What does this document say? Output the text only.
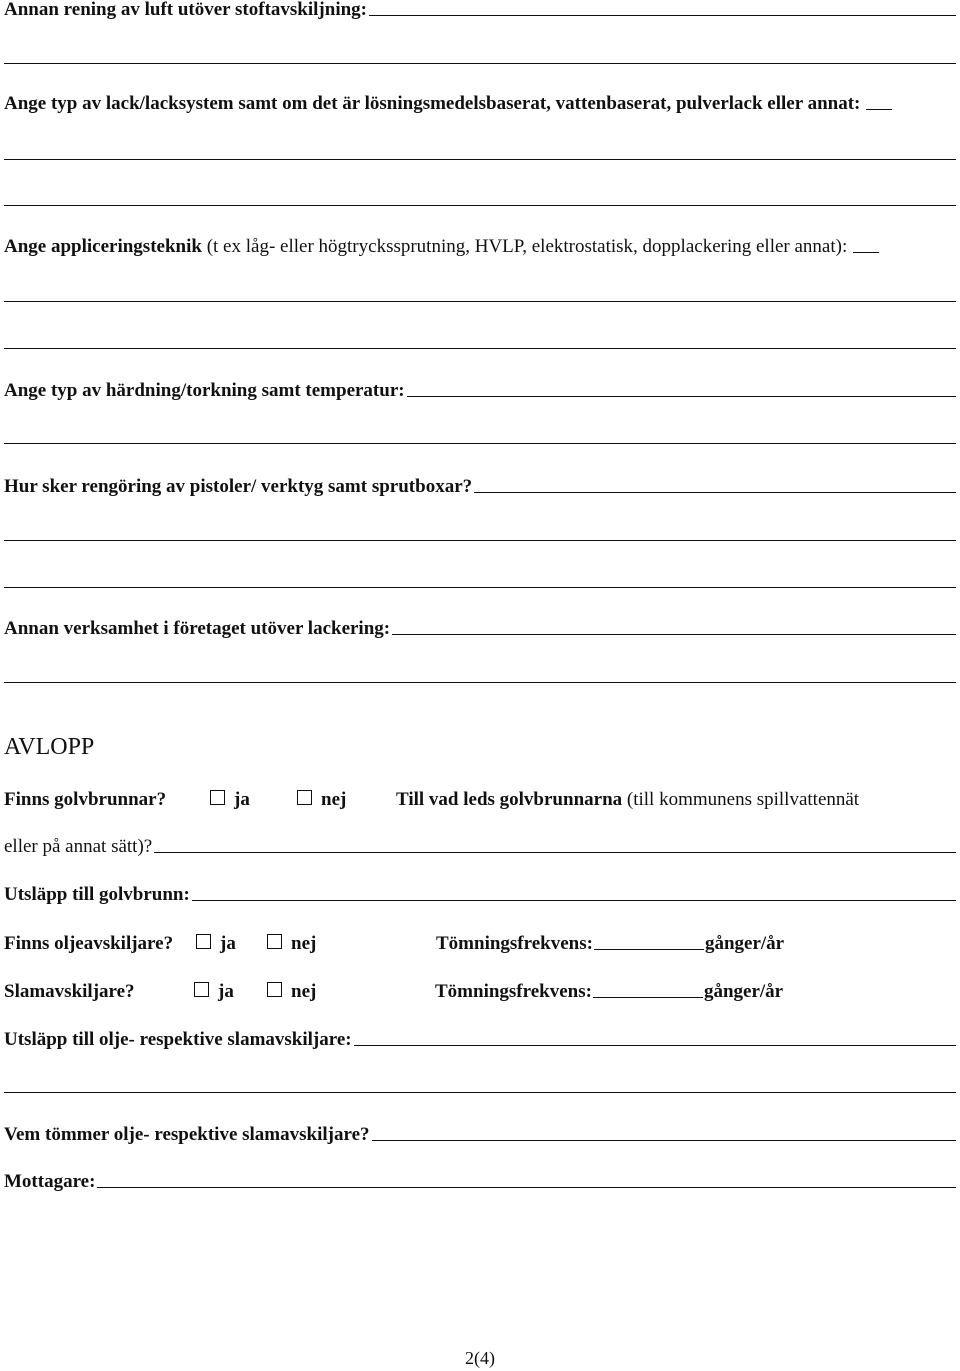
Annan rening av luft utöver stoftavskiljning:
Ange typ av lack/lacksystem samt om det är lösningsmedelsbaserat, vattenbaserat, pulverlack eller annat:
Ange appliceringsteknik (t ex låg- eller högtryckssprutning, HVLP, elektrostatisk, dopplackering eller annat):
Ange typ av härdning/torkning samt temperatur:
Hur sker rengöring av pistoler/ verktyg samt sprutboxar?
Annan verksamhet i företaget utöver lackering:
AVLOPP
Finns golvbrunnar?	ja	nej	Till vad leds golvbrunnarna (till kommunens spillvattennät
eller på annat sätt)?
Utsläpp till golvbrunn:
Finns oljeavskiljare? ja	nej	Tömningsfrekvens:	gånger/år
Slamavskiljare?	ja	nej	Tömningsfrekvens:	gånger/år
Utsläpp till olje- respektive slamavskiljare:
Vem tömmer olje- respektive slamavskiljare?
Mottagare:
2(4)
